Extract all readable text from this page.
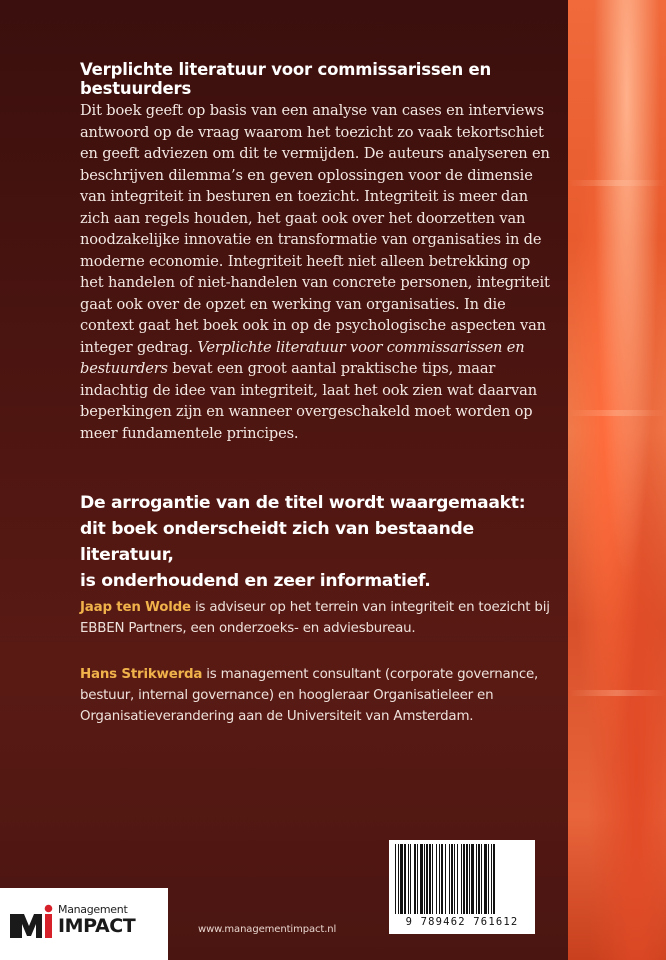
Verplichte literatuur voor commissarissen en bestuurders
Dit boek geeft op basis van een analyse van cases en interviews antwoord op de vraag waarom het toezicht zo vaak tekortschiet en geeft adviezen om dit te vermijden. De auteurs analyseren en beschrijven dilemma’s en geven oplossingen voor de dimensie van integriteit in besturen en toezicht. Integriteit is meer dan zich aan regels houden, het gaat ook over het doorzetten van noodzakelijke innovatie en transformatie van organisaties in de moderne economie. Integriteit heeft niet alleen betrekking op het handelen of niet-handelen van concrete personen, integriteit gaat ook over de opzet en werking van organisaties. In die context gaat het boek ook in op de psychologische aspecten van integer gedrag. Verplichte literatuur voor commissarissen en bestuurders bevat een groot aantal praktische tips, maar indachtig de idee van integriteit, laat het ook zien wat daarvan beperkingen zijn en wanneer overgeschakeld moet worden op meer fundamentele principes.
De arrogantie van de titel wordt waargemaakt:
dit boek onderscheidt zich van bestaande literatuur,
is onderhoudend en zeer informatief.
Jaap ten Wolde is adviseur op het terrein van integriteit en toezicht bij EBBEN Partners, een onderzoeks- en adviesbureau.
Hans Strikwerda is management consultant (corporate governance, bestuur, internal governance) en hoogleraar Organisatieleer en Organisatieverandering aan de Universiteit van Amsterdam.
Management
IMPACT	www.managementimpact.nl
9 789462 761612
